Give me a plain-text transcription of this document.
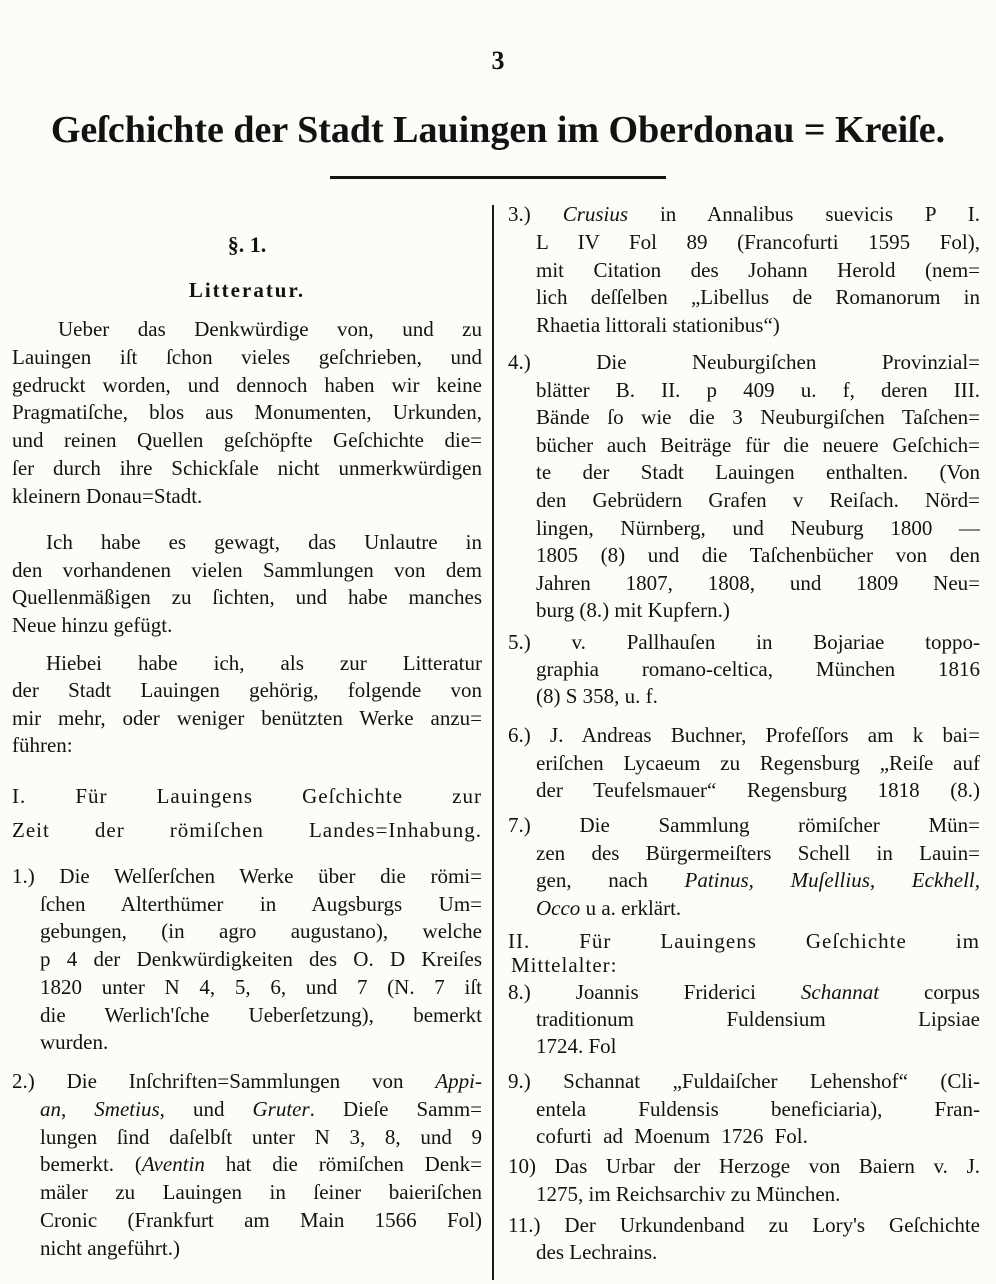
3
Geſchichte der Stadt Lauingen im Oberdonau = Kreiſe.
§. 1.
Litteratur.
Ueber das Denkwürdige von, und zu
Lauingen iſt ſchon vieles geſchrieben, und
gedruckt worden, und dennoch haben wir keine
Pragmatiſche, blos aus Monumenten, Urkunden,
und reinen Quellen geſchöpfte Geſchichte die=
ſer durch ihre Schickſale nicht unmerkwürdigen
kleinern Donau=Stadt.
Ich habe es gewagt, das Unlautre in
den vorhandenen vielen Sammlungen von dem
Quellenmäßigen zu ſichten, und habe manches
Neue hinzu gefügt.
Hiebei habe ich, als zur Litteratur
der Stadt Lauingen gehörig, folgende von
mir mehr, oder weniger benützten Werke anzu=
führen:
I. Für Lauingens Geſchichte zur
Zeit der römiſchen Landes=Inhabung.
1.) Die Welſerſchen Werke über die römi=
ſchen Alterthümer in Augsburgs Um=
gebungen, (in agro augustano), welche
p 4 der Denkwürdigkeiten des O. D Kreiſes
1820 unter N 4, 5, 6, und 7 (N. 7 iſt
die Werlich'ſche Ueberſetzung), bemerkt
wurden.
2.) Die Inſchriften=Sammlungen von Appi-
an, Smetius, und Gruter. Dieſe Samm=
lungen ſind daſelbſt unter N 3, 8, und 9
bemerkt. (Aventin hat die römiſchen Denk=
mäler zu Lauingen in ſeiner baieriſchen
Cronic (Frankfurt am Main 1566 Fol)
nicht angeführt.)
3.) Crusius in Annalibus suevicis P I.
L IV Fol 89 (Francofurti 1595 Fol),
mit Citation des Johann Herold (nem=
lich deſſelben „Libellus de Romanorum in
Rhaetia littorali stationibus“)
4.) Die Neuburgiſchen Provinzial=
blätter B. II. p 409 u. f, deren III.
Bände ſo wie die 3 Neuburgiſchen Taſchen=
bücher auch Beiträge für die neuere Geſchich=
te der Stadt Lauingen enthalten. (Von
den Gebrüdern Grafen v Reiſach. Nörd=
lingen, Nürnberg, und Neuburg 1800 —
1805 (8) und die Taſchenbücher von den
Jahren 1807, 1808, und 1809 Neu=
burg (8.) mit Kupfern.)
5.) v. Pallhauſen in Bojariae toppo-
graphia romano-celtica, München 1816
(8) S 358, u. f.
6.) J. Andreas Buchner, Profeſſors am k bai=
eriſchen Lycaeum zu Regensburg „Reiſe auf
der Teufelsmauer“ Regensburg 1818 (8.)
7.) Die Sammlung römiſcher Mün=
zen des Bürgermeiſters Schell in Lauin=
gen, nach Patinus, Muſellius, Eckhell,
Occo u a. erklärt.
II. Für Lauingens Geſchichte im
Mittelalter:
8.) Joannis Friderici Schannat corpus
traditionum Fuldensium Lipsiae
1724. Fol
9.) Schannat „Fuldaiſcher Lehenshof“ (Cli-
entela Fuldensis beneficiaria), Fran-
cofurti ad Moenum 1726 Fol.
10) Das Urbar der Herzoge von Baiern v. J.
1275, im Reichsarchiv zu München.
11.) Der Urkundenband zu Lory's Geſchichte
des Lechrains.
